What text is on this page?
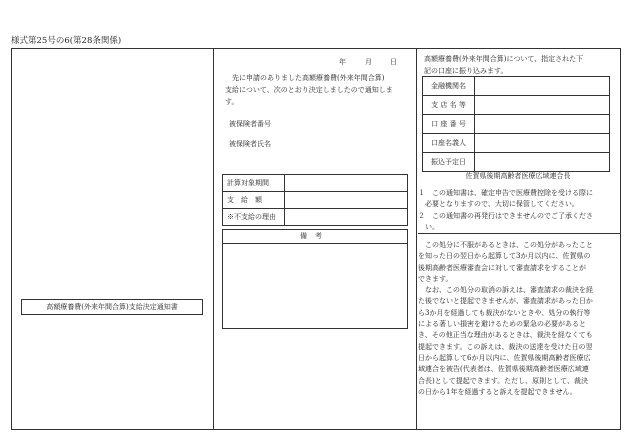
様式第25号の6(第28条関係)
高額療養費(外来年間合算)支給決定通知書
年	月	日
先に申請のありました高額療養費(外来年間合算)
支給について、次のとおり決定しましたので通知しま
す。
被保険者番号
被保険者氏名
計算対象期間	
支　給　額	
※不支給の理由	
備考
高額療養費(外来年間合算)について、指定された下
記の口座に振り込みます。
金融機関名	
支 店 名 等	
口 座 番 号	
口座名義人	
振込予定日	
佐賀県後期高齢者医療広域連合長
１　この通知書は、確定申告で医療費控除を受ける際に
　必要となりますので、大切に保管してください。
２　この通知書の再発行はできませんのでご了承くださ
　い。
　この処分に不服があるときは、この処分があったこと
を知った日の翌日から起算して3か月以内に、佐賀県の
後期高齢者医療審査会に対して審査請求をすることが
できます。
　なお、この処分の取消の訴えは、審査請求の裁決を経
た後でないと提起できませんが、審査請求があった日か
ら3か月を経過しても裁決がないときや、処分の執行等
による著しい損害を避けるための緊急の必要があると
き、その他正当な理由があるときは、裁決を経なくても
提起できます。この訴えは、裁決の送達を受けた日の翌
日から起算して6か月以内に、佐賀県後期高齢者医療広
域連合を被告(代表者は、佐賀県後期高齢者医療広域連
合長)として提起できます。ただし、原則として、裁決
の日から1年を経過すると訴えを提起できません。
